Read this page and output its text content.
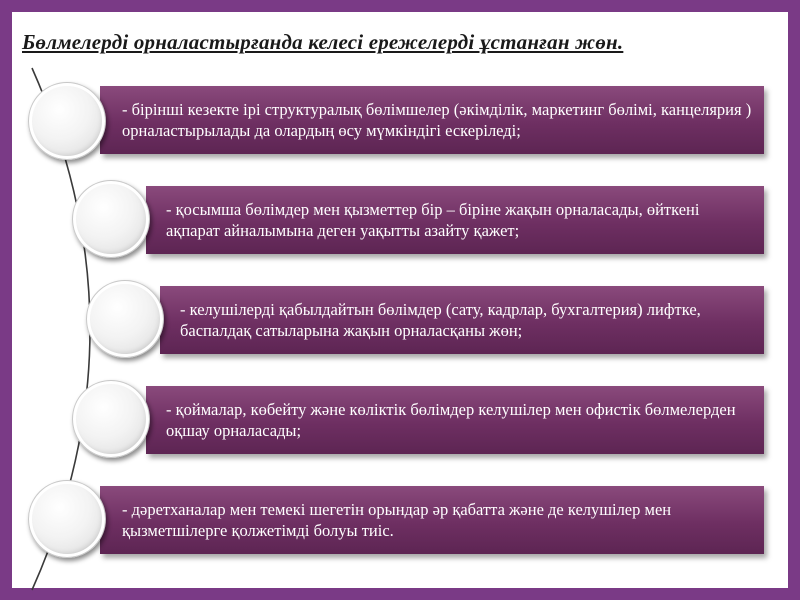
Бөлмелерді орналастырғанда келесі ережелерді ұстанған жөн.
- бірінші кезекте ірі структуралық бөлімшелер (әкімділік, маркетинг бөлімі, канцелярия ) орналастырылады да олардың өсу мүмкіндігі ескеріледі;
- қосымша бөлімдер мен қызметтер бір – біріне жақын орналасады, өйткені ақпарат айналымына деген уақытты азайту қажет;
- келушілерді қабылдайтын бөлімдер (сату, кадрлар, бухгалтерия) лифтке, баспалдақ сатыларына жақын орналасқаны жөн;
- қоймалар, көбейту және көліктік бөлімдер келушілер мен офистік бөлмелерден оқшау орналасады;
- дәретханалар мен темекі шегетін орындар әр қабатта және де келушілер мен қызметшілерге қолжетімді болуы тиіс.
